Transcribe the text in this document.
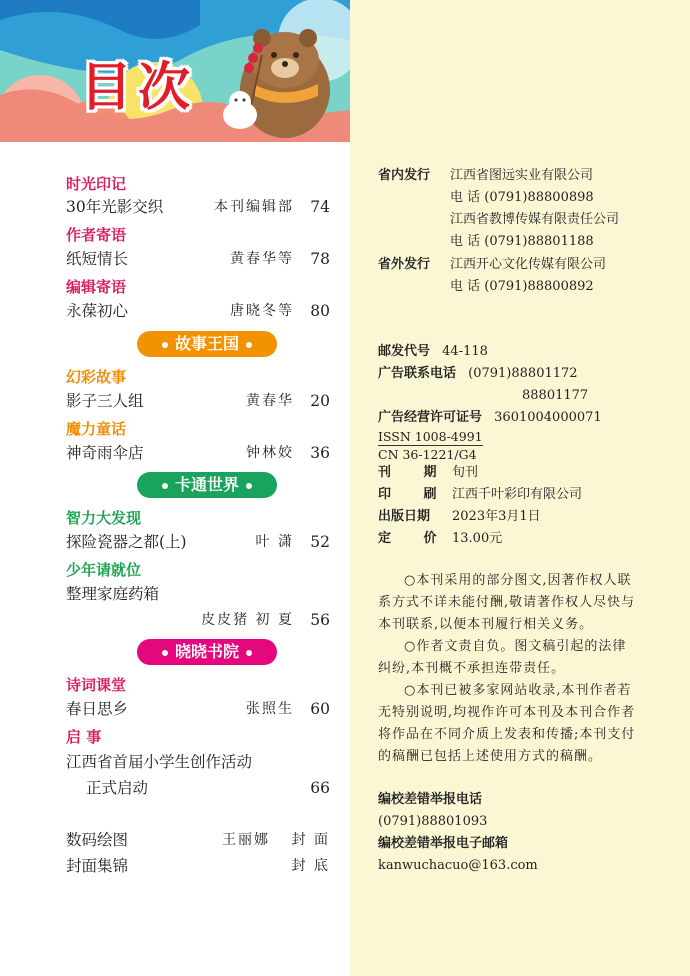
目 次
时光印记
30年光影交织	本刊编辑部 74
作者寄语
纸短情长	黄春华等 78
编辑寄语
永葆初心	唐晓冬等 80
故事王国
幻彩故事
影子三人组	黄春华 20
魔力童话
神奇雨伞店	钟林姣 36
卡通世界
智力大发现
探险瓷器之都(上)	叶 潇 52
少年请就位
整理家庭药箱
皮皮猪 初 夏 56
晓晓书院
诗词课堂
春日思乡	张照生 60
启 事
江西省首届小学生创作活动
正式启动	66
数码绘图	王丽娜 封 面
封面集锦	封 底
省内发行 江西省图远实业有限公司
电 话 (0791)88800898
江西省教博传媒有限责任公司
电 话 (0791)88801188
省外发行 江西开心文化传媒有限公司
电 话 (0791)88800892
邮发代号 44-118
广告联系电话 (0791)88801172
88801177
广告经营许可证号 3601004000071
ISSN 1008-4991
CN 36-1221/G4
刊 期 旬刊
印 刷 江西千叶彩印有限公司
出版日期 2023年3月1日
定 价 13.00元

○本刊采用的部分图文,因著作权人联系方式不详未能付酬,敬请著作权人尽快与本刊联系,以便本刊履行相关义务。

○作者文责自负。图文稿引起的法律纠纷,本刊概不承担连带责任。

○本刊已被多家网站收录,本刊作者若无特别说明,均视作许可本刊及本刊合作者将作品在不同介质上发表和传播;本刊支付的稿酬已包括上述使用方式的稿酬。

编校差错举报电话
(0791)88801093
编校差错举报电子邮箱
kanwuchacuo@163.com
